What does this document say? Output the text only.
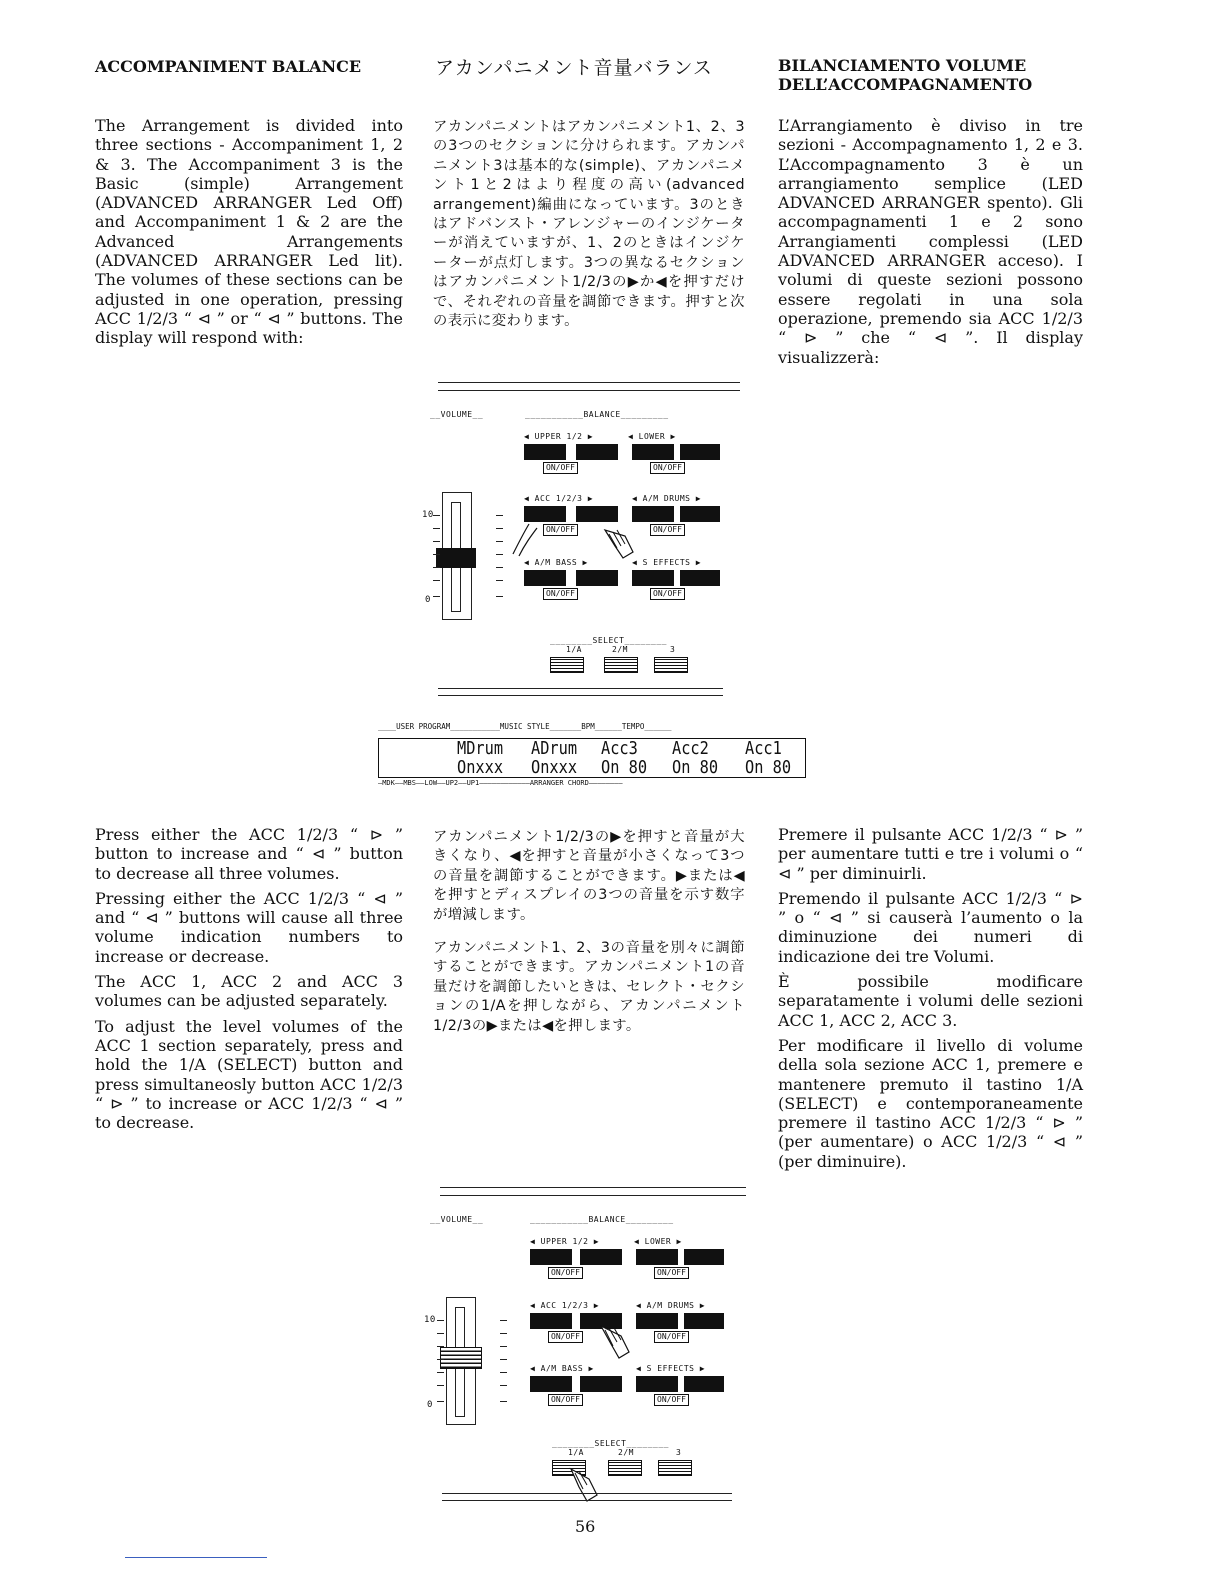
ACCOMPANIMENT BALANCE	アカンパニメント音量バランス	BILANCIAMENTO VOLUME
DELL’ACCOMPAGNAMENTO
The Arrangement is divided into three sections - Accompaniment 1, 2 & 3. The Accompaniment 3 is the Basic (simple) Arrangement (ADVANCED ARRANGER Led Off) and Accompaniment 1 & 2 are the Advanced Arrangements (ADVANCED ARRANGER Led lit). The volumes of these sections can be adjusted in one operation, pressing ACC 1/2/3 “ ⊲ ” or “ ⊲ ” buttons. The display will respond with:
アカンパニメントはアカンパニメント1、2、3の3つのセクションに分けられます。アカンパニメント3は基本的な(simple)、アカンパニメント1と2はより程度の高い(advanced arrangement)編曲になっています。3のときはアドバンスト・アレンジャーのインジケーターが消えていますが、1、2のときはインジケーターが点灯します。3つの異なるセクションはアカンパニメント1/2/3の▶か◀を押すだけで、それぞれの音量を調節できます。押すと次の表示に変わります。
L’Arrangiamento è diviso in tre sezioni - Accompagnamento 1, 2 e 3. L’Accompagnamento 3 è un arrangiamento semplice (LED ADVANCED ARRANGER spento). Gli accompagnamenti 1 e 2 sono Arrangiamenti complessi (LED ADVANCED ARRANGER acceso). I volumi di queste sezioni possono essere regolati in una sola operazione, premendo sia ACC 1/2/3 “ ⊳ ” che “ ⊲ ”. Il display visualizzerà:
__VOLUME__	___________BALANCE_________
◀ UPPER 1/2 ▶	◀ LOWER ▶
ON/OFF	ON/OFF
◀ ACC 1/2/3 ▶	◀ A/M DRUMS ▶
ON/OFF	ON/OFF
◀ A/M BASS ▶	◀ S EFFECTS ▶
ON/OFF	ON/OFF
10
0
________SELECT________
1/A	2/M	3
____USER PROGRAM___________MUSIC STYLE_______BPM______TEMPO______
MDrum ADrum Acc3 Acc2 Acc1
Onxxx Onxxx On 80 On 80 On 80
—MDK——MBS——LOW——UP2——UP1————————————ARRANGER CHORD————————

Press either the ACC 1/2/3 “ ⊳ ” button to increase and “ ⊲ ” button to decrease all three volumes.

Pressing either the ACC 1/2/3 “ ⊲ ” and “ ⊲ ” buttons will cause all three volume indication numbers to increase or decrease.

The ACC 1, ACC 2 and ACC 3 volumes can be adjusted separately.

To adjust the level volumes of the ACC 1 section separately, press and hold the 1/A (SELECT) button and press simultaneosly button ACC 1/2/3 “ ⊳ ” to increase or ACC 1/2/3 “ ⊲ ” to decrease.

アカンパニメント1/2/3の▶を押すと音量が大きくなり、◀を押すと音量が小さくなって3つの音量を調節することができます。▶または◀を押すとディスプレイの3つの音量を示す数字が増減します。

アカンパニメント1、2、3の音量を別々に調節することができます。アカンパニメント1の音量だけを調節したいときは、セレクト・セクションの1/Aを押しながら、アカンパニメント1/2/3の▶または◀を押します。

Premere il pulsante ACC 1/2/3 “ ⊳ ” per aumentare tutti e tre i volumi o “ ⊲ ” per diminuirli.

Premendo il pulsante ACC 1/2/3 “ ⊳ ” o “ ⊲ ” si causerà l’aumento o la diminuzione dei numeri di indicazione dei tre Volumi.

È possibile modificare separatamente i volumi delle sezioni ACC 1, ACC 2, ACC 3.

Per modificare il livello di volume della sola sezione ACC 1, premere e mantenere premuto il tastino 1/A (SELECT) e contemporaneamente premere il tastino ACC 1/2/3 “ ⊳ ” (per aumentare) o ACC 1/2/3 “ ⊲ ” (per diminuire).

__VOLUME__	___________BALANCE_________
◀ UPPER 1/2 ▶	◀ LOWER ▶
ON/OFF	ON/OFF
◀ ACC 1/2/3 ▶	◀ A/M DRUMS ▶
ON/OFF	ON/OFF
◀ A/M BASS ▶	◀ S EFFECTS ▶
ON/OFF	ON/OFF
10
0
________SELECT________
1/A	2/M	3
56
